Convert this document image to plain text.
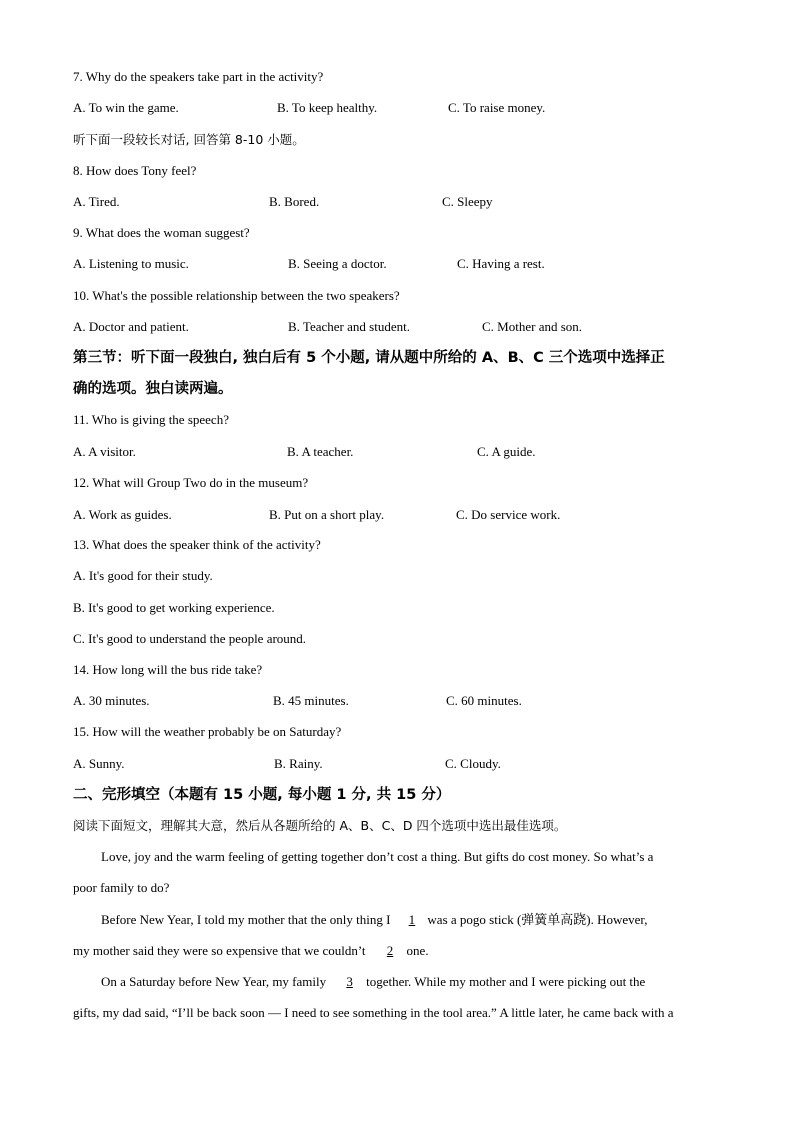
7. Why do the speakers take part in the activity?
A. To win the game.	B. To keep healthy.	C. To raise money.
听下面一段较长对话, 回答第 8-10 小题。
8. How does Tony feel?
A. Tired.	B. Bored.	C. Sleepy
9. What does the woman suggest?
A. Listening to music.	B. Seeing a doctor.	C. Having a rest.
10. What's the possible relationship between the two speakers?
A. Doctor and patient.	B. Teacher and student.	C. Mother and son.
第三节：听下面一段独白, 独白后有 5 个小题, 请从题中所给的 A、B、C 三个选项中选择正
确的选项。独白读两遍。
11. Who is giving the speech?
A. A visitor.	B. A teacher.	C. A guide.
12. What will Group Two do in the museum?
A. Work as guides.	B. Put on a short play.	C. Do service work.
13. What does the speaker think of the activity?
A. It's good for their study.
B. It's good to get working experience.
C. It's good to understand the people around.
14. How long will the bus ride take?
A. 30 minutes.	B. 45 minutes.	C. 60 minutes.
15. How will the weather probably be on Saturday?
A. Sunny.	B. Rainy.	C. Cloudy.
二、完形填空（本题有 15 小题, 每小题 1 分, 共 15 分）
阅读下面短文，理解其大意，然后从各题所给的 A、B、C、D 四个选项中选出最佳选项。
Love, joy and the warm feeling of getting together don’t cost a thing. But gifts do cost money. So what’s a
poor family to do?
Before New Year, I told my mother that the only thing I 1 was a pogo stick (弹簧单高跷). However,
my mother said they were so expensive that we couldn’t 2 one.
On a Saturday before New Year, my family 3 together. While my mother and I were picking out the
gifts, my dad said, “I’ll be back soon — I need to see something in the tool area.” A little later, he came back with a
